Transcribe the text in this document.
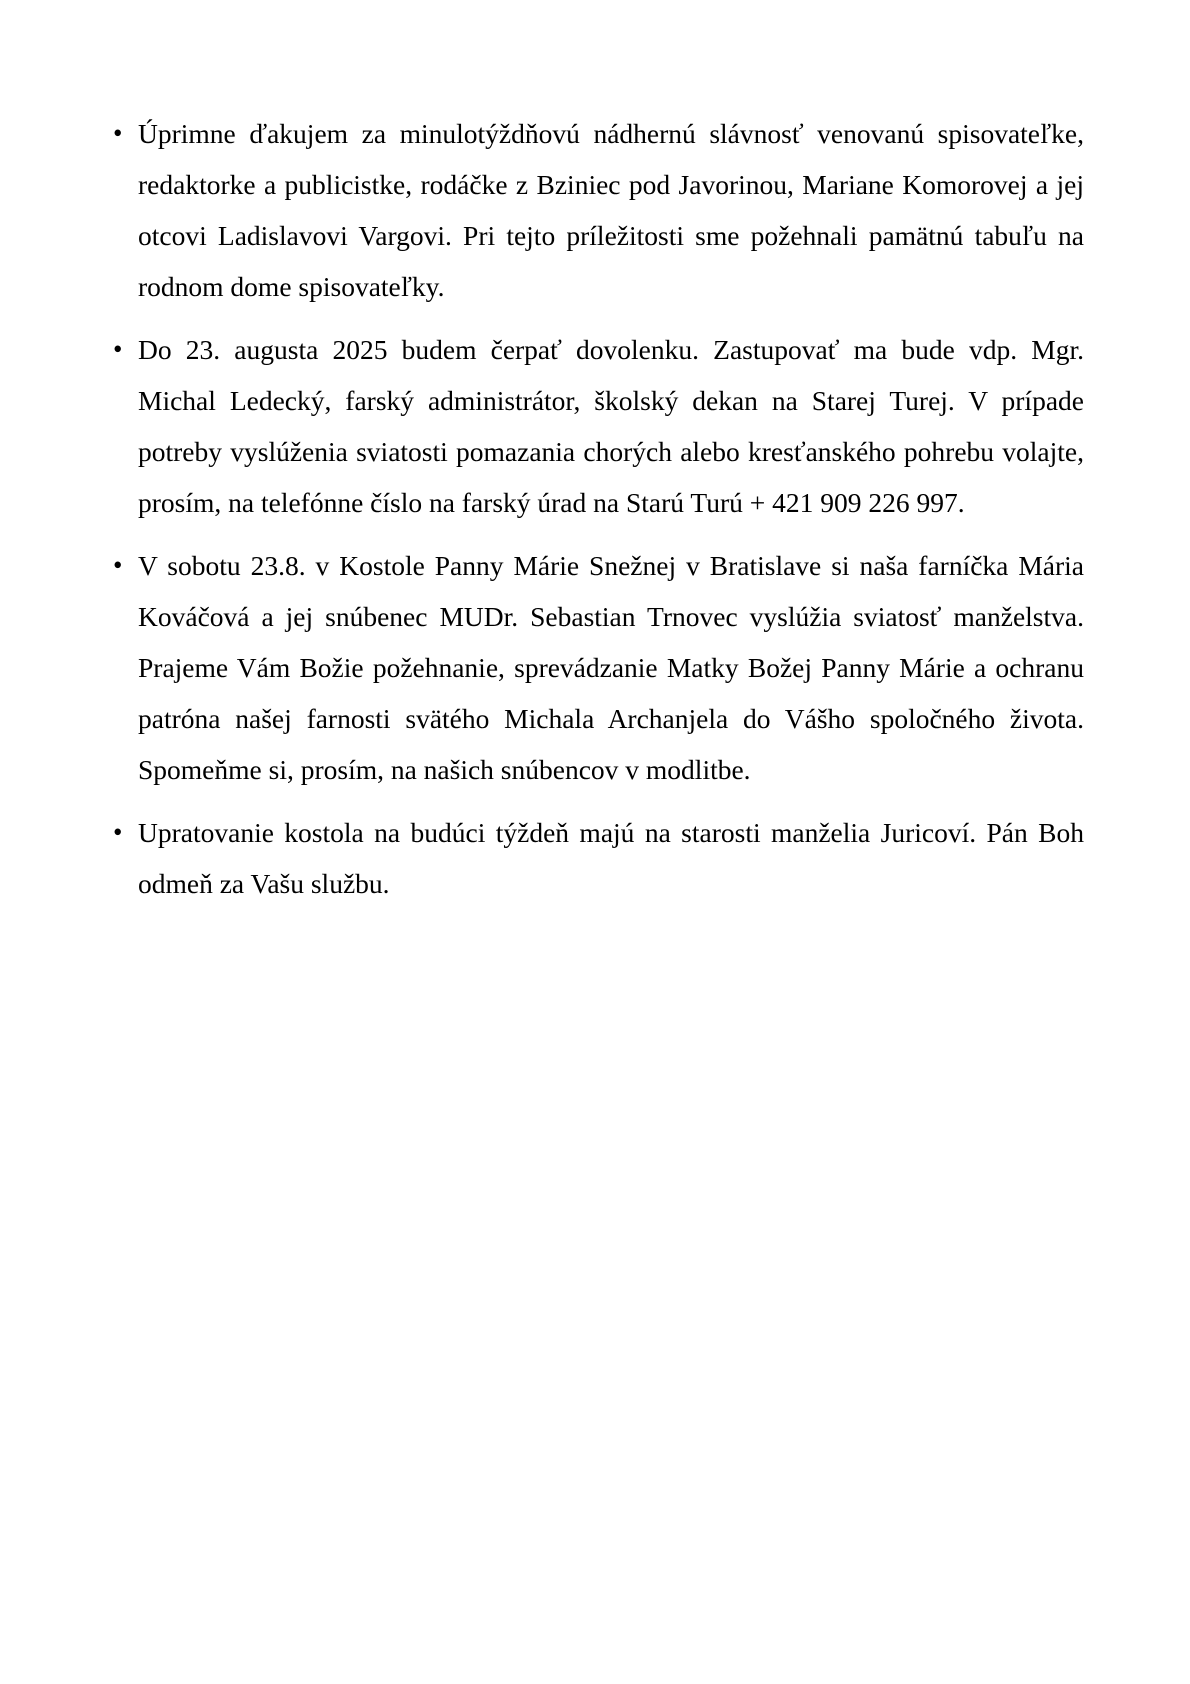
• Úprimne ďakujem za minulotýždňovú nádhernú slávnosť venovanú spisovateľke, redaktorke a publicistke, rodáčke z Bziniec pod Javorinou, Mariane Komorovej a jej otcovi Ladislavovi Vargovi. Pri tejto príležitosti sme požehnali pamätnú tabuľu na rodnom dome spisovateľky.

• Do 23. augusta 2025 budem čerpať dovolenku. Zastupovať ma bude vdp. Mgr. Michal Ledecký, farský administrátor, školský dekan na Starej Turej. V prípade potreby vyslúženia sviatosti pomazania chorých alebo kresťanského pohrebu volajte, prosím, na telefónne číslo na farský úrad na Starú Turú + 421 909 226 997.

• V sobotu 23.8. v Kostole Panny Márie Snežnej v Bratislave si naša farníčka Mária Kováčová a jej snúbenec MUDr. Sebastian Trnovec vyslúžia sviatosť manželstva. Prajeme Vám Božie požehnanie, sprevádzanie Matky Božej Panny Márie a ochranu patróna našej farnosti svätého Michala Archanjela do Vášho spoločného života. Spomeňme si, prosím, na našich snúbencov v modlitbe.

• Upratovanie kostola na budúci týždeň majú na starosti manželia Juricoví. Pán Boh odmeň za Vašu službu.
